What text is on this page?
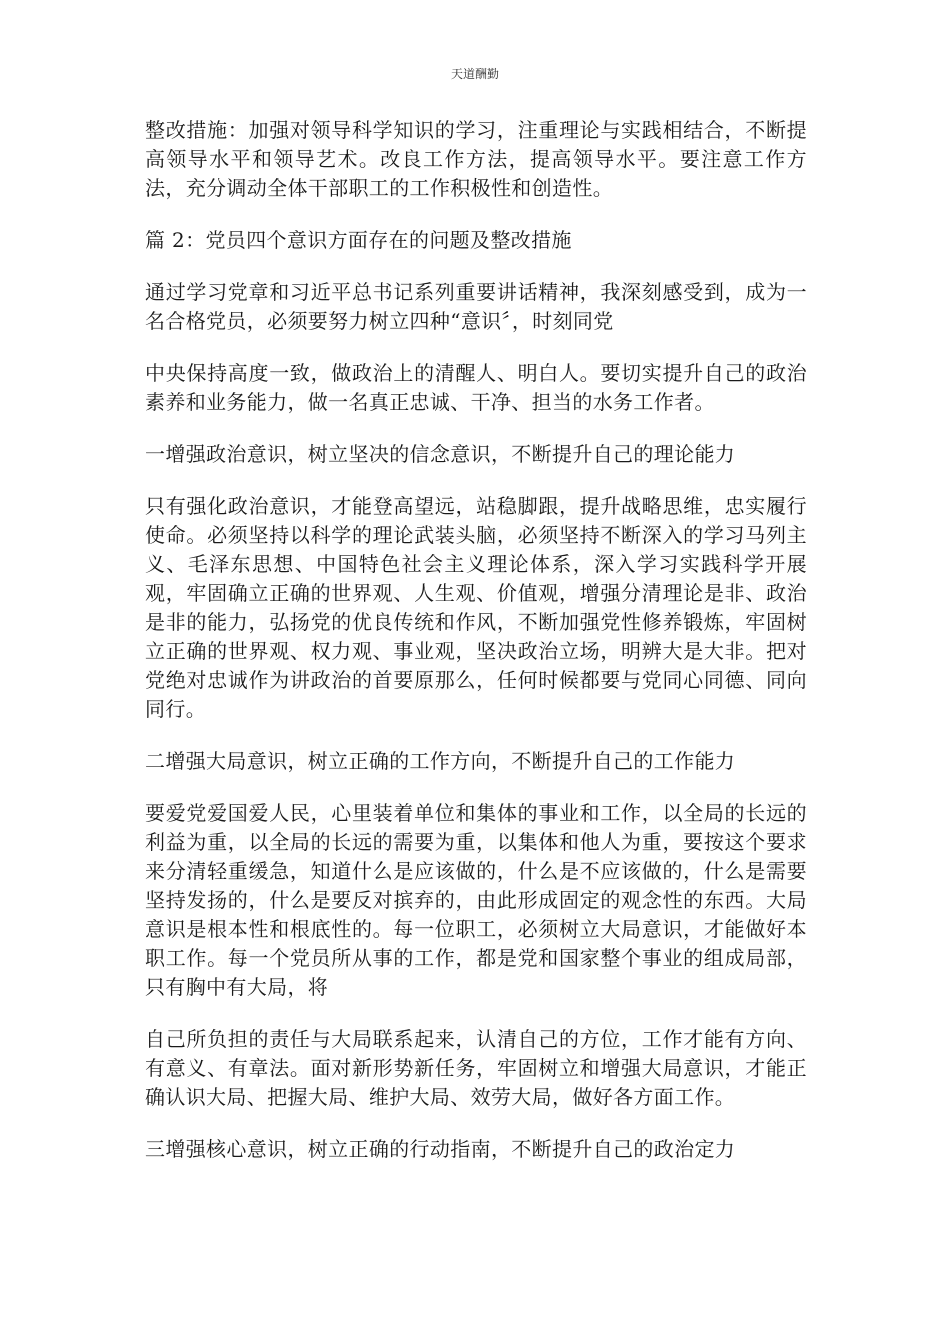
天道酬勤

整改措施：加强对领导科学知识的学习，注重理论与实践相结合，不断提高领导水平和领导艺术。改良工作方法，提高领导水平。要注意工作方法，充分调动全体干部职工的工作积极性和创造性。

篇 2：党员四个意识方面存在的问题及整改措施

通过学习党章和习近平总书记系列重要讲话精神，我深刻感受到，成为一名合格党员，必须要努力树立四种“意识〞，时刻同党

中央保持高度一致，做政治上的清醒人、明白人。要切实提升自己的政治素养和业务能力，做一名真正忠诚、干净、担当的水务工作者。

一增强政治意识，树立坚决的信念意识，不断提升自己的理论能力

只有强化政治意识，才能登高望远，站稳脚跟，提升战略思维，忠实履行使命。必须坚持以科学的理论武装头脑，必须坚持不断深入的学习马列主义、毛泽东思想、中国特色社会主义理论体系，深入学习实践科学开展观，牢固确立正确的世界观、人生观、价值观，增强分清理论是非、政治是非的能力，弘扬党的优良传统和作风，不断加强党性修养锻炼，牢固树立正确的世界观、权力观、事业观，坚决政治立场，明辨大是大非。把对党绝对忠诚作为讲政治的首要原那么，任何时候都要与党同心同德、同向同行。

二增强大局意识，树立正确的工作方向，不断提升自己的工作能力

要爱党爱国爱人民，心里装着单位和集体的事业和工作，以全局的长远的利益为重，以全局的长远的需要为重，以集体和他人为重，要按这个要求来分清轻重缓急，知道什么是应该做的，什么是不应该做的，什么是需要坚持发扬的，什么是要反对摈弃的，由此形成固定的观念性的东西。大局意识是根本性和根底性的。每一位职工，必须树立大局意识，才能做好本职工作。每一个党员所从事的工作，都是党和国家整个事业的组成局部，只有胸中有大局，将

自己所负担的责任与大局联系起来，认清自己的方位，工作才能有方向、有意义、有章法。面对新形势新任务，牢固树立和增强大局意识，才能正确认识大局、把握大局、维护大局、效劳大局，做好各方面工作。

三增强核心意识，树立正确的行动指南，不断提升自己的政治定力
